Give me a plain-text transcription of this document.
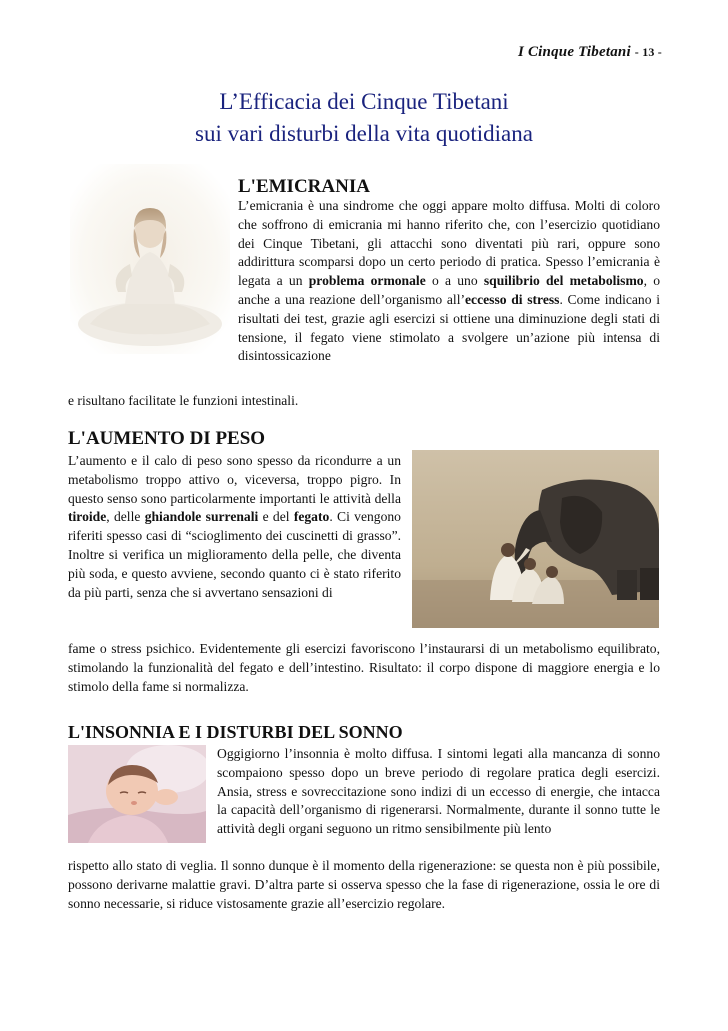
I Cinque Tibetani - 13 -
L’Efficacia dei Cinque Tibetani
sui vari disturbi della vita quotidiana
L'EMICRANIA

L’emicrania è una sindrome che oggi appare molto diffusa. Molti di coloro che soffrono di emicrania mi hanno riferito che, con l’esercizio quotidiano dei Cinque Tibetani, gli attacchi sono diventati più rari, oppure sono addirittura scomparsi dopo un certo periodo di pratica. Spesso l’emicrania è legata a un problema ormonale o a uno squilibrio del metabolismo, o anche a una reazione dell’organismo all’eccesso di stress. Come indicano i risultati dei test, grazie agli esercizi si ottiene una diminuzione degli stati di tensione, il fegato viene stimolato a svolgere un’azione più intensa di disintossicazione

e risultano facilitate le funzioni intestinali.
L'AUMENTO DI PESO

L’aumento e il calo di peso sono spesso da ricondurre a un metabolismo troppo attivo o, viceversa, troppo pigro. In questo senso sono particolarmente importanti le attività della tiroide, delle ghiandole surrenali e del fegato. Ci vengono riferiti spesso casi di “scioglimento dei cuscinetti di grasso”. Inoltre si verifica un miglioramento della pelle, che diventa più soda, e questo avviene, secondo quanto ci è stato riferito da più parti, senza che si avvertano sensazioni di

fame o stress psichico. Evidentemente gli esercizi favoriscono l’instaurarsi di un metabolismo equilibrato, stimolando la funzionalità del fegato e dell’intestino. Risultato: il corpo dispone di maggiore energia e lo stimolo della fame si normalizza.
L'INSONNIA E I DISTURBI DEL SONNO
Oggigiorno l’insonnia è molto diffusa. I sintomi legati alla mancanza di sonno scompaiono spesso dopo un breve periodo di regolare pratica degli esercizi. Ansia, stress e sovreccitazione sono indizi di un eccesso di energie, che intacca la capacità dell’organismo di rigenerarsi. Normalmente, durante il sonno tutte le attività degli organi seguono un ritmo sensibilmente più lento
rispetto allo stato di veglia. Il sonno dunque è il momento della rigenerazione: se questa non è più possibile, possono derivarne malattie gravi. D’altra parte si osserva spesso che la fase di rigenerazione, ossia le ore di sonno necessarie, si riduce vistosamente grazie all’esercizio regolare.
